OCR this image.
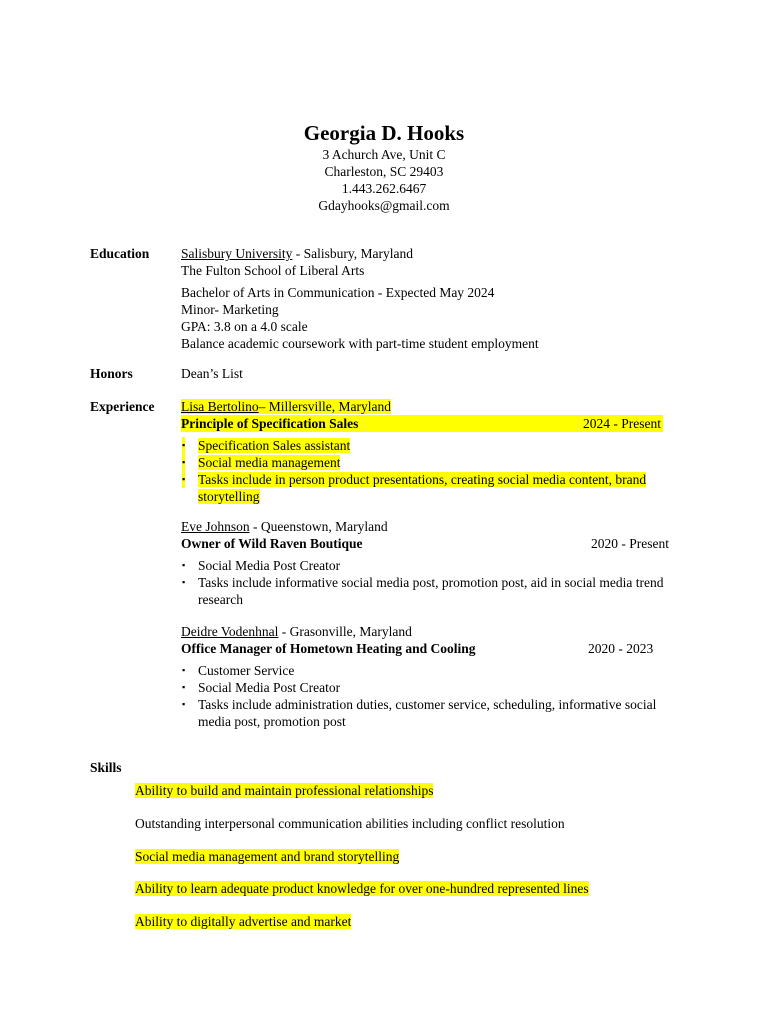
Georgia D. Hooks
3 Achurch Ave, Unit C
Charleston, SC 29403
1.443.262.6467
Gdayhooks@gmail.com
Education Salisbury University - Salisbury, Maryland
The Fulton School of Liberal Arts
Bachelor of Arts in Communication - Expected May 2024
Minor- Marketing
GPA: 3.8 on a 4.0 scale
Balance academic coursework with part-time student employment
Honors	Dean’s List
Experience Lisa Bertolino– Millersville, Maryland
Principle of Specification Sales	2024 - Present
▪ Specification Sales assistant
▪ Social media management
▪ Tasks include in person product presentations, creating social media content, brand storytelling
Eve Johnson - Queenstown, Maryland
Owner of Wild Raven Boutique	2020 - Present
▪ Social Media Post Creator
▪ Tasks include informative social media post, promotion post, aid in social media trend research
Deidre Vodenhnal - Grasonville, Maryland
Office Manager of Hometown Heating and Cooling	2020 - 2023
▪ Customer Service
▪ Social Media Post Creator
▪ Tasks include administration duties, customer service, scheduling, informative social media post, promotion post
Skills
Ability to build and maintain professional relationships
Outstanding interpersonal communication abilities including conflict resolution
Social media management and brand storytelling
Ability to learn adequate product knowledge for over one-hundred represented lines
Ability to digitally advertise and market
